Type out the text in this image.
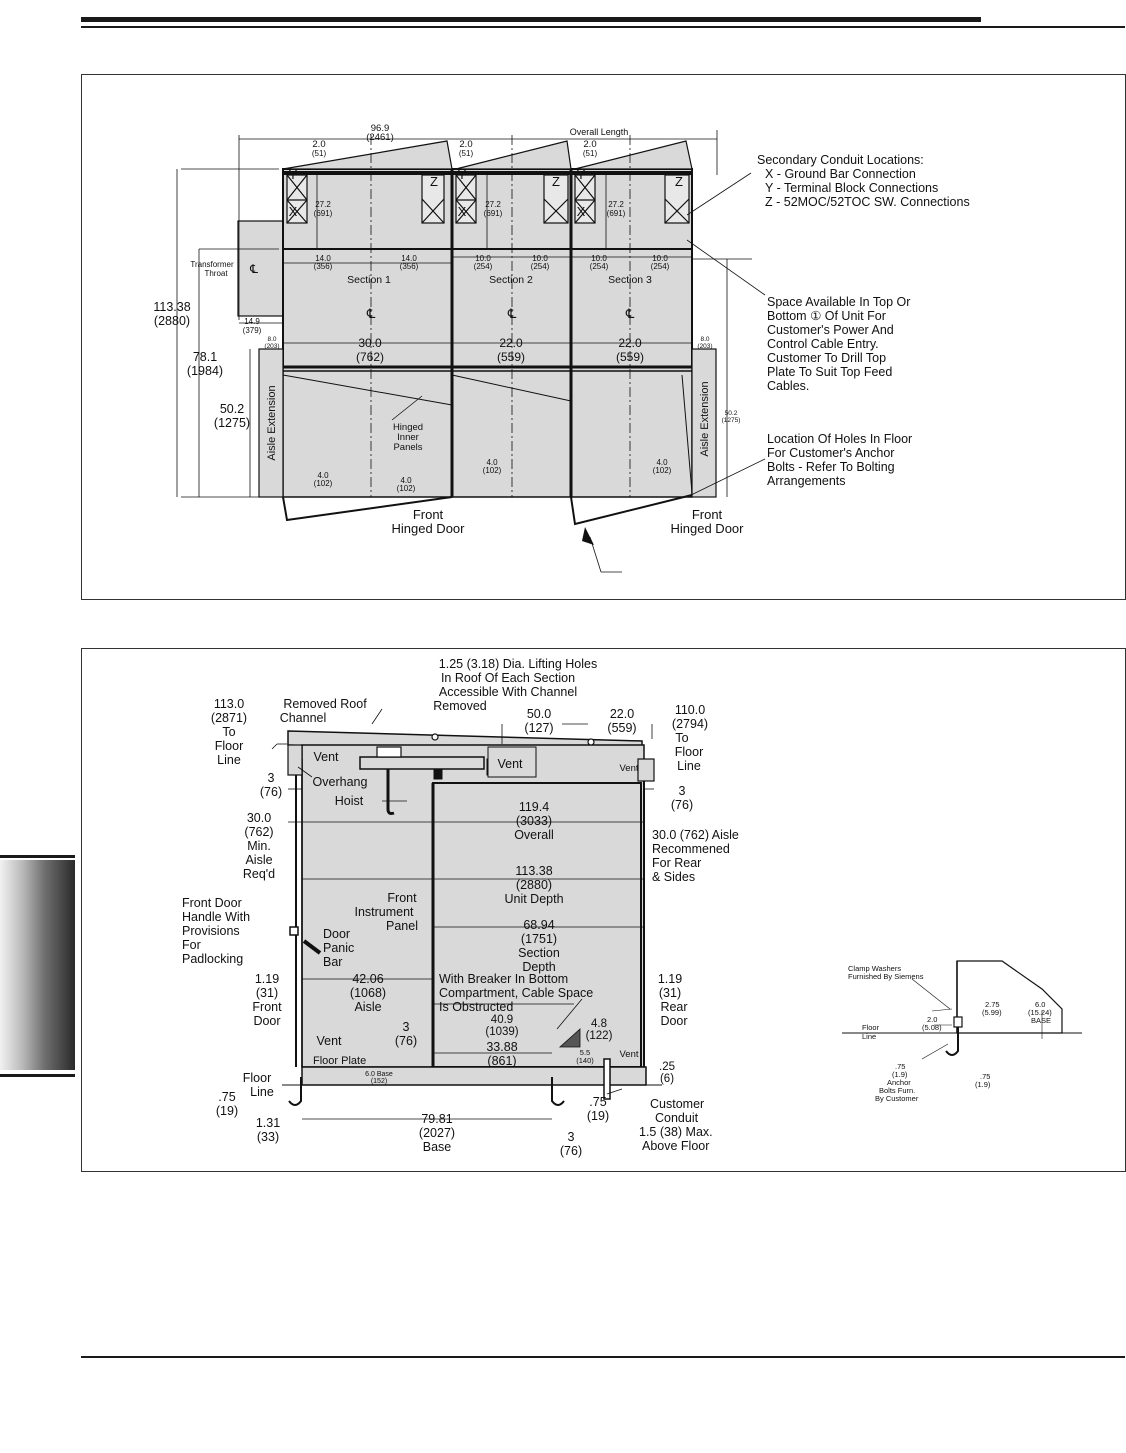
96.9
(2461)	Overall Length
2.0
(51)
2.0
(51)
2.0
(51)
27.2
(691)
27.2
(691)
27.2
(691)
14.0
(356)
14.0
(356)
10.0
(254)
10.0
(254)
10.0
(254)
10.0
(254)
Transformer
Throat
14.9
(379)
8.0
(203)
8.0
(203)
50.2
(1275)
4.0
(102)	4.0
(102)
4.0
(102)
4.0
(102)
Y
X
Z Y
X
Z Y
X
Z
Section 1	Section 2	Section 3
℄	℄	℄
℄
30.0
(762)
22.0
(559)
22.0
(559)
113.38
(2880)
78.1
(1984)
50.2
(1275)	Hinged
Inner
Panels
Front
Hinged Door
Front
Hinged Door
Aisle Extension	Aisle Extension
Secondary Conduit Locations:
X - Ground Bar Connection
Y - Terminal Block Connections
Z - 52MOC/52TOC SW. Connections
Space Available In Top Or
Bottom ① Of Unit For
Customer's Power And
Control Cable Entry.
Customer To Drill Top
Plate To Suit Top Feed
Cables.
Location Of Holes In Floor
For Customer's Anchor
Bolts - Refer To Bolting
Arrangements
1.25 (3.18) Dia. Lifting Holes
In Roof Of Each Section
Accessible With Channel
Removed
Removed Roof
Channel
113.0
(2871)
To
Floor
Line
50.0
(127)
22.0
(559)
110.0
(2794)
To
Floor
Line
Vent	Vent	Vent
Vent
Vent
Overhang
Hoist
3
(76)	3
(76)
119.4
(3033)
Overall
30.0
(762)
Min.
Aisle
Req'd	113.38
(2880)
Unit Depth
Front
Instrument
Panel	68.94
(1751)
Section
Depth
1.19
(31)
Front
Door
42.06
(1068)
Aisle
3
(76)
1.19
(31)
Rear
Door
40.9
(1039)
4.8
(122)
5.5
(140)
33.88
(861)	.25
(6)
6.0 Base
(152)
Floor
Line
.75
(19)
1.31
(33)
79.81
(2027)
Base
.75
(19)
3
(76)
30.0 (762) Aisle
Recommened
For Rear
& Sides
Front Door
Handle With
Provisions
For
Padlocking
Door
Panic
Bar
With Breaker In Bottom
Compartment, Cable Space
Is Obstructed
Floor Plate
Customer
Conduit
1.5 (38) Max.
Above Floor
Clamp Washers
Furnished By Siemens
2.75
(5.99)
6.0
(15.24)
BASE
2.0
(5.08)
Floor
Line
.75
(1.9)
Anchor
Bolts Furn.
By Customer
.75
(1.9)
